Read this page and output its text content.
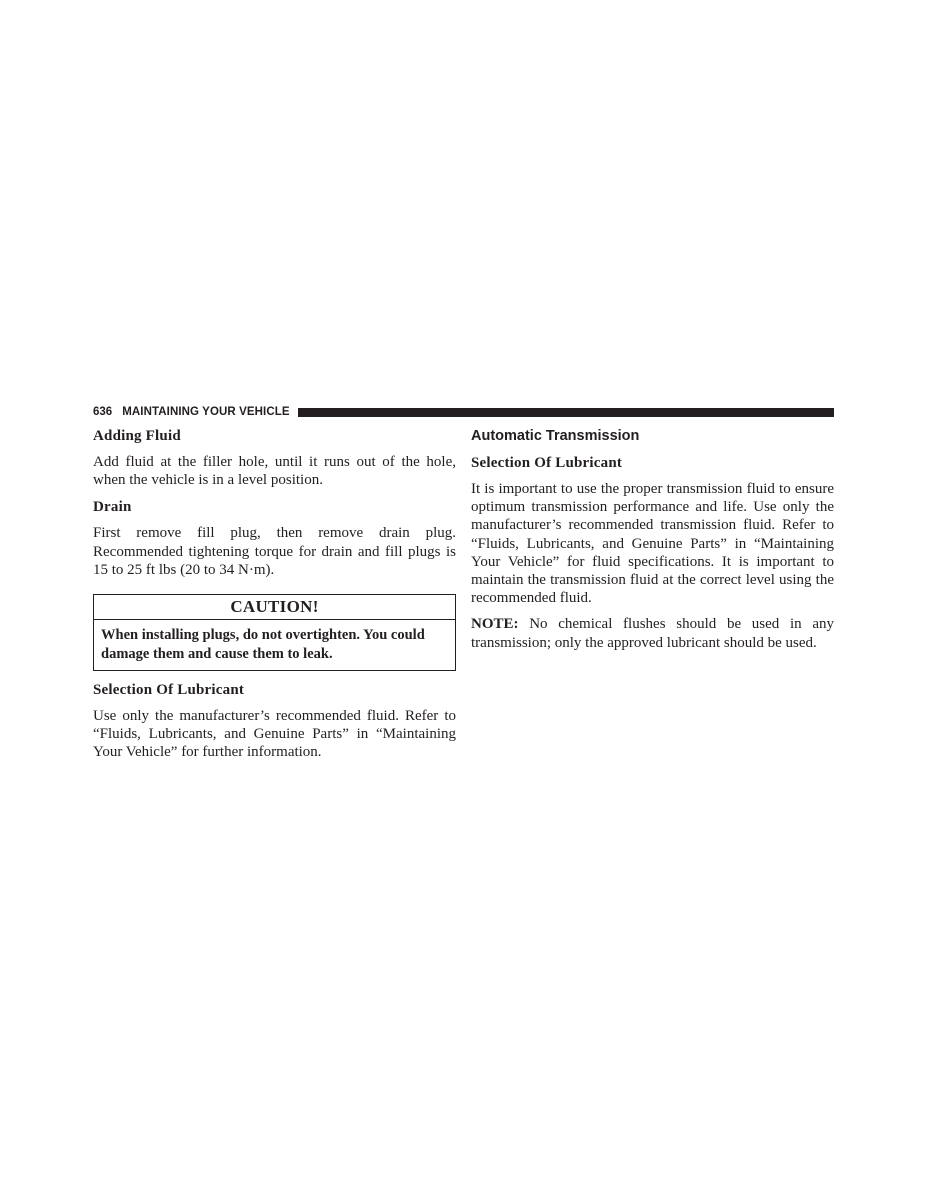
636 MAINTAINING YOUR VEHICLE
Adding Fluid

Add fluid at the filler hole, until it runs out of the hole, when the vehicle is in a level position.

Drain

First remove fill plug, then remove drain plug. Recommended tightening torque for drain and fill plugs is 15 to 25 ft lbs (20 to 34 N·m).

CAUTION!
When installing plugs, do not overtighten. You could damage them and cause them to leak.
Selection Of Lubricant

Use only the manufacturer’s recommended fluid. Refer to “Fluids, Lubricants, and Genuine Parts” in “Maintaining Your Vehicle” for further information.

Automatic Transmission
Selection Of Lubricant

It is important to use the proper transmission fluid to ensure optimum transmission performance and life. Use only the manufacturer’s recommended transmission fluid. Refer to “Fluids, Lubricants, and Genuine Parts” in “Maintaining Your Vehicle” for fluid specifications. It is important to maintain the transmission fluid at the correct level using the recommended fluid.

NOTE: No chemical flushes should be used in any transmission; only the approved lubricant should be used.
